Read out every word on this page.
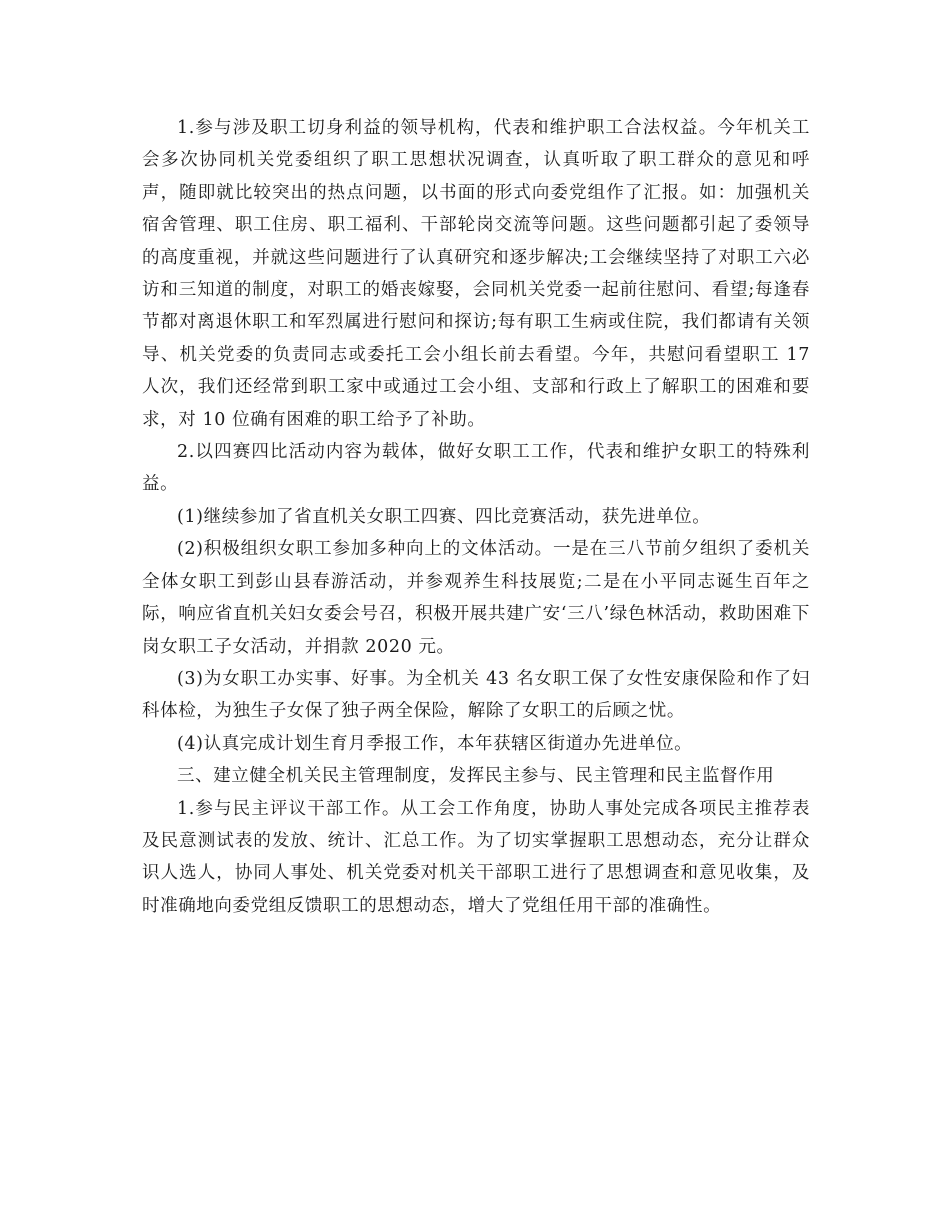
1.参与涉及职工切身利益的领导机构，代表和维护职工合法权益。今年机关工会多次协同机关党委组织了职工思想状况调查，认真听取了职工群众的意见和呼声，随即就比较突出的热点问题，以书面的形式向委党组作了汇报。如：加强机关宿舍管理、职工住房、职工福利、干部轮岗交流等问题。这些问题都引起了委领导的高度重视，并就这些问题进行了认真研究和逐步解决;工会继续坚持了对职工六必访和三知道的制度，对职工的婚丧嫁娶，会同机关党委一起前往慰问、看望;每逢春节都对离退休职工和军烈属进行慰问和探访;每有职工生病或住院，我们都请有关领导、机关党委的负责同志或委托工会小组长前去看望。今年，共慰问看望职工 17 人次，我们还经常到职工家中或通过工会小组、支部和行政上了解职工的困难和要求，对 10 位确有困难的职工给予了补助。

2.以四赛四比活动内容为载体，做好女职工工作，代表和维护女职工的特殊利益。

(1)继续参加了省直机关女职工四赛、四比竞赛活动，获先进单位。

(2)积极组织女职工参加多种向上的文体活动。一是在三八节前夕组织了委机关全体女职工到彭山县春游活动，并参观养生科技展览;二是在小平同志诞生百年之际，响应省直机关妇女委会号召，积极开展共建广安‘三八’绿色林活动，救助困难下岗女职工子女活动，并捐款 2020 元。

(3)为女职工办实事、好事。为全机关 43 名女职工保了女性安康保险和作了妇科体检，为独生子女保了独子两全保险，解除了女职工的后顾之忧。

(4)认真完成计划生育月季报工作，本年获辖区街道办先进单位。

三、建立健全机关民主管理制度，发挥民主参与、民主管理和民主监督作用

1.参与民主评议干部工作。从工会工作角度，协助人事处完成各项民主推荐表及民意测试表的发放、统计、汇总工作。为了切实掌握职工思想动态，充分让群众识人选人，协同人事处、机关党委对机关干部职工进行了思想调查和意见收集，及时准确地向委党组反馈职工的思想动态，增大了党组任用干部的准确性。
